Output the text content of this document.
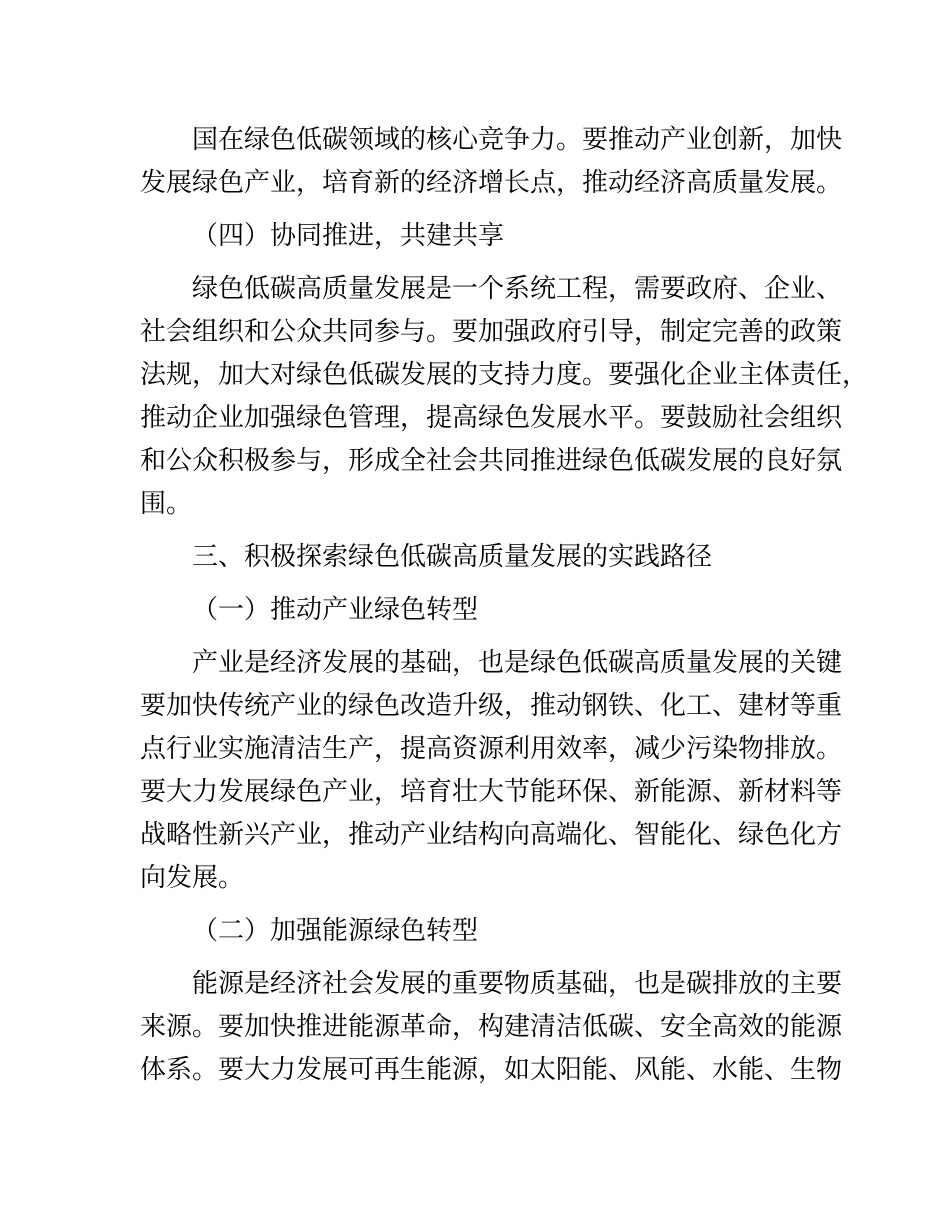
国在绿色低碳领域的核心竞争力。要推动产业创新，加快
发展绿色产业，培育新的经济增长点，推动经济高质量发展。
（四）协同推进，共建共享
绿色低碳高质量发展是一个系统工程，需要政府、企业、
社会组织和公众共同参与。要加强政府引导，制定完善的政策
法规，加大对绿色低碳发展的支持力度。要强化企业主体责任，
推动企业加强绿色管理，提高绿色发展水平。要鼓励社会组织
和公众积极参与，形成全社会共同推进绿色低碳发展的良好氛
围。
三、积极探索绿色低碳高质量发展的实践路径
（一）推动产业绿色转型
产业是经济发展的基础，也是绿色低碳高质量发展的关键
要加快传统产业的绿色改造升级，推动钢铁、化工、建材等重
点行业实施清洁生产，提高资源利用效率，减少污染物排放。
要大力发展绿色产业，培育壮大节能环保、新能源、新材料等
战略性新兴产业，推动产业结构向高端化、智能化、绿色化方
向发展。
（二）加强能源绿色转型
能源是经济社会发展的重要物质基础，也是碳排放的主要
来源。要加快推进能源革命，构建清洁低碳、安全高效的能源
体系。要大力发展可再生能源，如太阳能、风能、水能、生物
